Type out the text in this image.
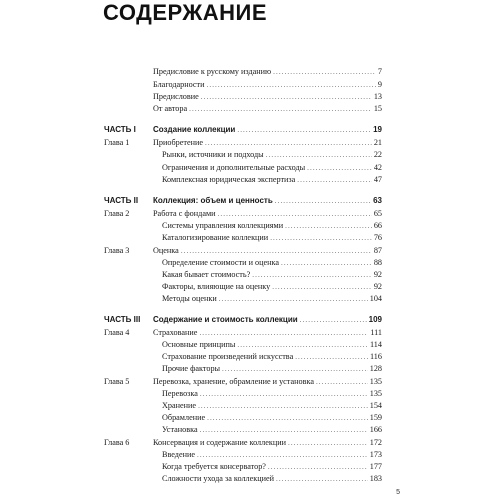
СОДЕРЖАНИЕ
Предисловие к русскому изданию .....	7
Благодарности .....	9
Предисловие .....	13
От автора .....	15
ЧАСТЬ I Создание коллекции .....	19
Глава 1	Приобретение .....	21
Рынки, источники и подходы .....	22
Ограничения и дополнительные расходы .....	42
Комплексная юридическая экспертиза .....	47
ЧАСТЬ II Коллекция: объем и ценность .....	63
Глава 2	Работа с фондами .....	65
Системы управления коллекциями .....	66
Каталогизирование коллекции .....	76
Глава 3	Оценка .....	87
Определение стоимости и оценка .....	88
Какая бывает стоимость? .....	92
Факторы, влияющие на оценку .....	92
Методы оценки .....	104
ЧАСТЬ III Содержание и стоимость коллекции .....	109
Глава 4	Страхование .....	111
Основные принципы .....	114
Страхование произведений искусства .....	116
Прочие факторы .....	128
Глава 5	Перевозка, хранение, обрамление и установка .....	135
Перевозка .....	135
Хранение .....	154
Обрамление .....	159
Установка .....	166
Глава 6	Консервация и содержание коллекции .....	172
Введение .....	173
Когда требуется консерватор? .....	177
Сложности ухода за коллекцией .....	183
5
